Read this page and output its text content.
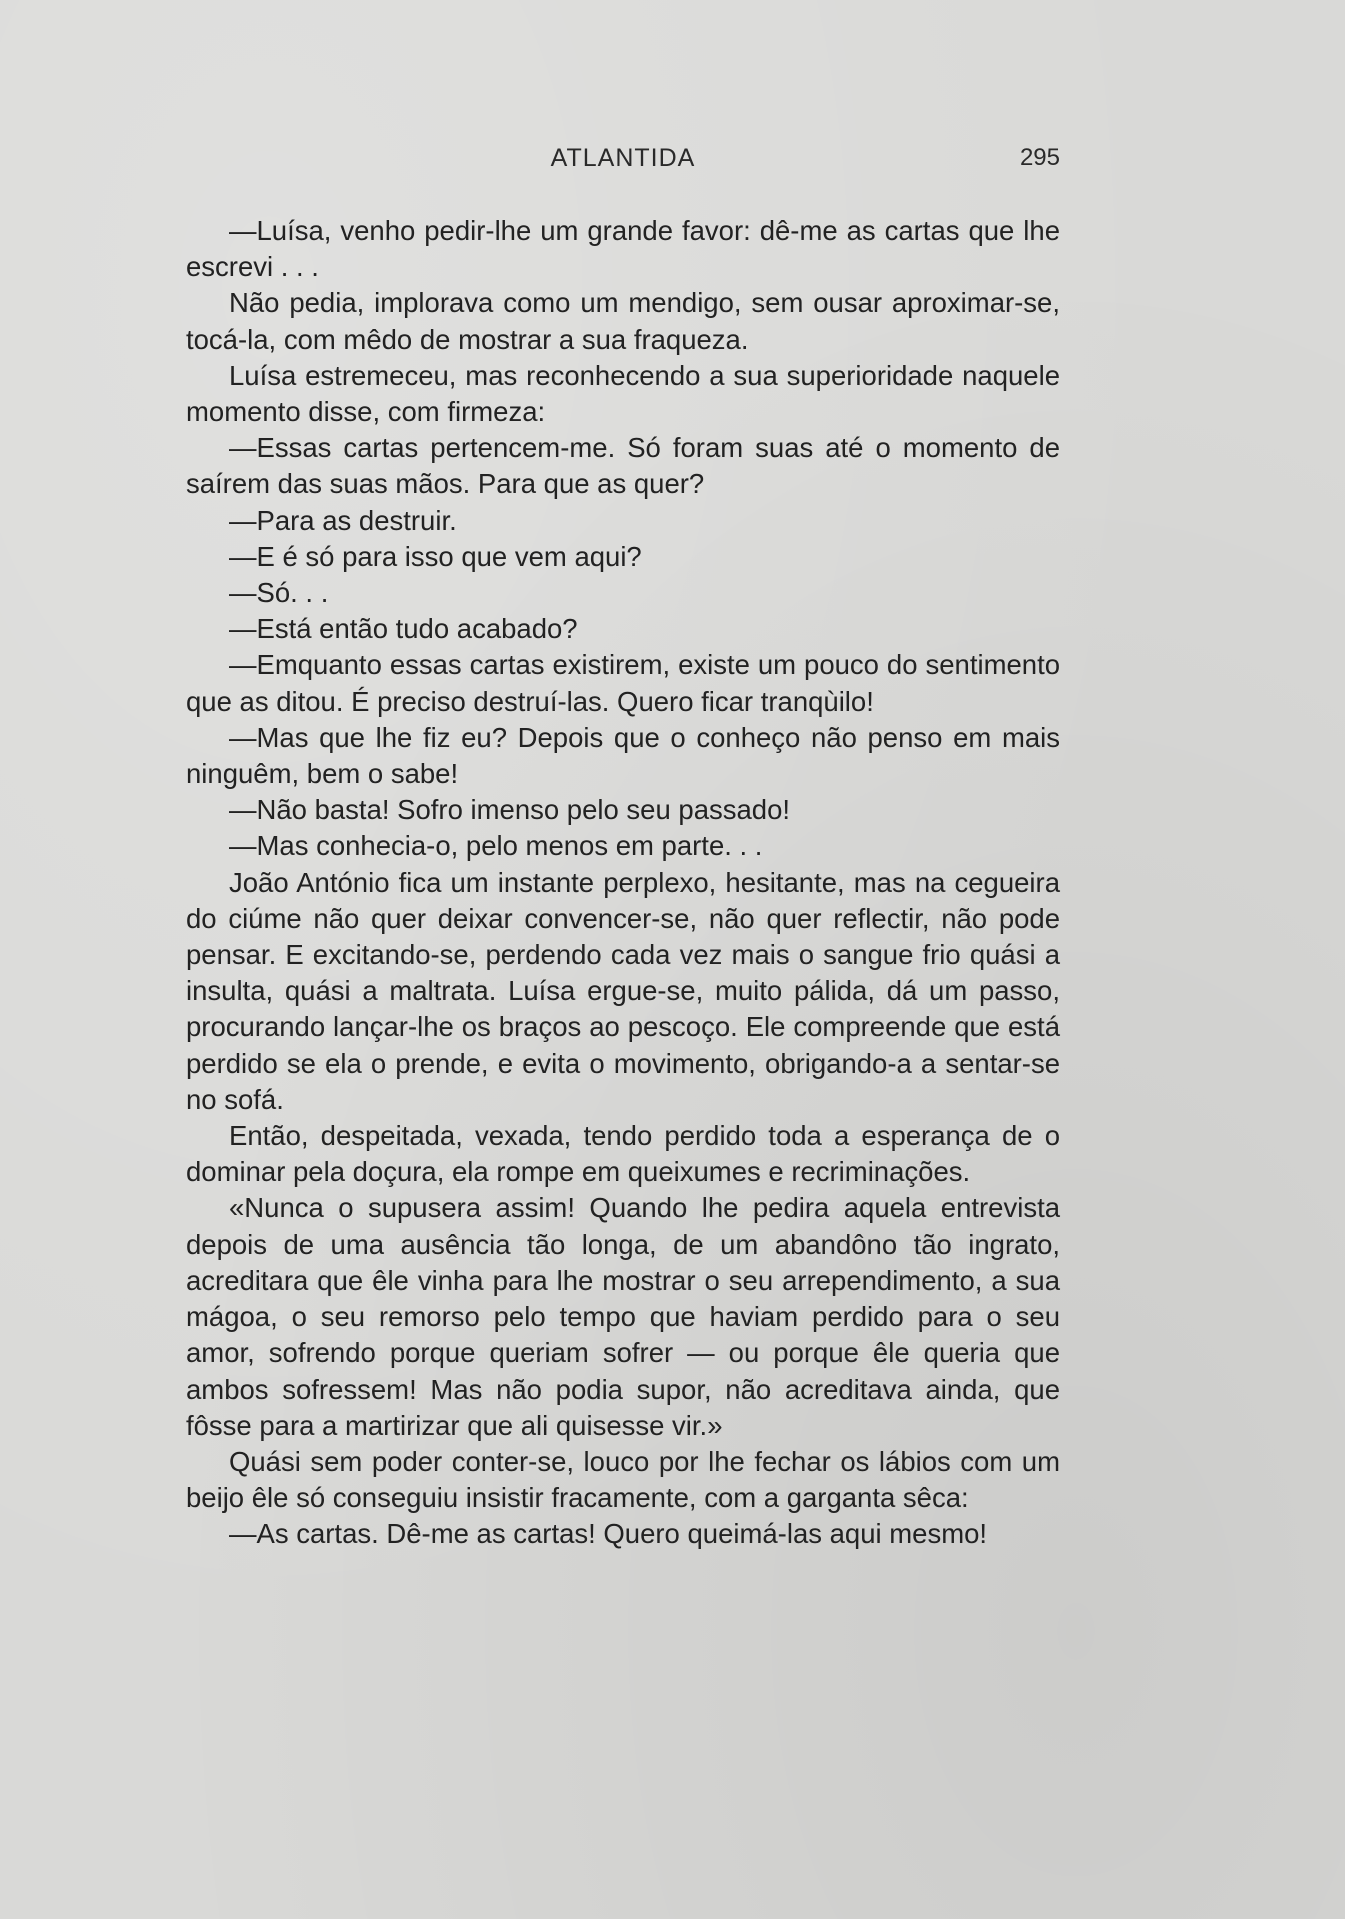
ATLANTIDA	295

—Luísa, venho pedir-lhe um grande favor: dê-me as cartas que lhe escrevi . . .

Não pedia, implorava como um mendigo, sem ousar aproximar-se, tocá-la, com mêdo de mostrar a sua fraqueza.

Luísa estremeceu, mas reconhecendo a sua superioridade naquele momento disse, com firmeza:

—Essas cartas pertencem-me. Só foram suas até o momento de saírem das suas mãos. Para que as quer?

—Para as destruir.

—E é só para isso que vem aqui?

—Só. . .

—Está então tudo acabado?

—Emquanto essas cartas existirem, existe um pouco do sentimento que as ditou. É preciso destruí-las. Quero ficar tranqùilo!

—Mas que lhe fiz eu? Depois que o conheço não penso em mais ninguêm, bem o sabe!

—Não basta! Sofro imenso pelo seu passado!

—Mas conhecia-o, pelo menos em parte. . .

João António fica um instante perplexo, hesitante, mas na cegueira do ciúme não quer deixar convencer-se, não quer reflectir, não pode pensar. E excitando-se, perdendo cada vez mais o sangue frio quási a insulta, quási a maltrata. Luísa ergue-se, muito pálida, dá um passo, procurando lançar-lhe os braços ao pescoço. Ele compreende que está perdido se ela o prende, e evita o movimento, obrigando-a a sentar-se no sofá.

Então, despeitada, vexada, tendo perdido toda a esperança de o dominar pela doçura, ela rompe em queixumes e recriminações.

«Nunca o supusera assim! Quando lhe pedira aquela entrevista depois de uma ausência tão longa, de um abandôno tão ingrato, acreditara que êle vinha para lhe mostrar o seu arrependimento, a sua mágoa, o seu remorso pelo tempo que haviam perdido para o seu amor, sofrendo porque queriam sofrer — ou porque êle queria que ambos sofressem! Mas não podia supor, não acreditava ainda, que fôsse para a martirizar que ali quisesse vir.»

Quási sem poder conter-se, louco por lhe fechar os lábios com um beijo êle só conseguiu insistir fracamente, com a garganta sêca:

—As cartas. Dê-me as cartas! Quero queimá-las aqui mesmo!
